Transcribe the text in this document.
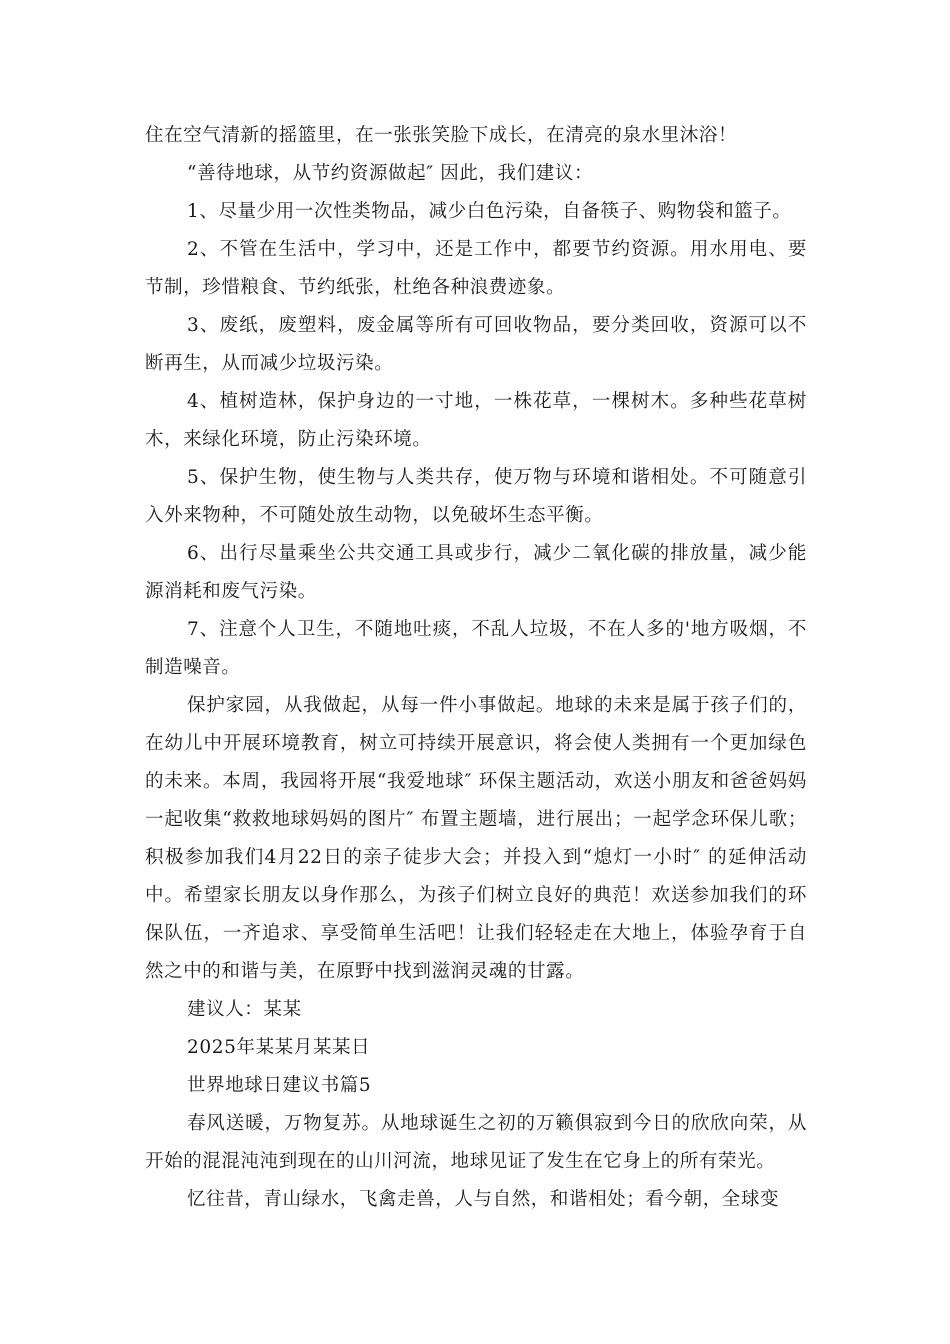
住在空气清新的摇篮里，在一张张笑脸下成长，在清亮的泉水里沐浴！

“善待地球，从节约资源做起″ 因此，我们建议：

1、尽量少用一次性类物品，减少白色污染，自备筷子、购物袋和篮子。

2、不管在生活中，学习中，还是工作中，都要节约资源。用水用电、要节制，珍惜粮食、节约纸张，杜绝各种浪费迹象。

3、废纸，废塑料，废金属等所有可回收物品，要分类回收，资源可以不断再生，从而减少垃圾污染。

4、植树造林，保护身边的一寸地，一株花草，一棵树木。多种些花草树木，来绿化环境，防止污染环境。

5、保护生物，使生物与人类共存，使万物与环境和谐相处。不可随意引入外来物种，不可随处放生动物，以免破坏生态平衡。

6、出行尽量乘坐公共交通工具或步行，减少二氧化碳的排放量，减少能源消耗和废气污染。

7、注意个人卫生，不随地吐痰，不乱人垃圾，不在人多的'地方吸烟，不制造噪音。

保护家园，从我做起，从每一件小事做起。地球的未来是属于孩子们的，在幼儿中开展环境教育，树立可持续开展意识，将会使人类拥有一个更加绿色的未来。本周，我园将开展“我爱地球″ 环保主题活动，欢送小朋友和爸爸妈妈一起收集“救救地球妈妈的图片″ 布置主题墙，进行展出；一起学念环保儿歌；积极参加我们4月22日的亲子徒步大会；并投入到“熄灯一小时″ 的延伸活动中。希望家长朋友以身作那么，为孩子们树立良好的典范！欢送参加我们的环保队伍，一齐追求、享受简单生活吧！让我们轻轻走在大地上，体验孕育于自然之中的和谐与美，在原野中找到滋润灵魂的甘露。

建议人：某某

2025年某某月某某日

世界地球日建议书篇5

春风送暖，万物复苏。从地球诞生之初的万籁俱寂到今日的欣欣向荣，从开始的混混沌沌到现在的山川河流，地球见证了发生在它身上的所有荣光。

忆往昔，青山绿水，飞禽走兽，人与自然，和谐相处；看今朝，全球变
